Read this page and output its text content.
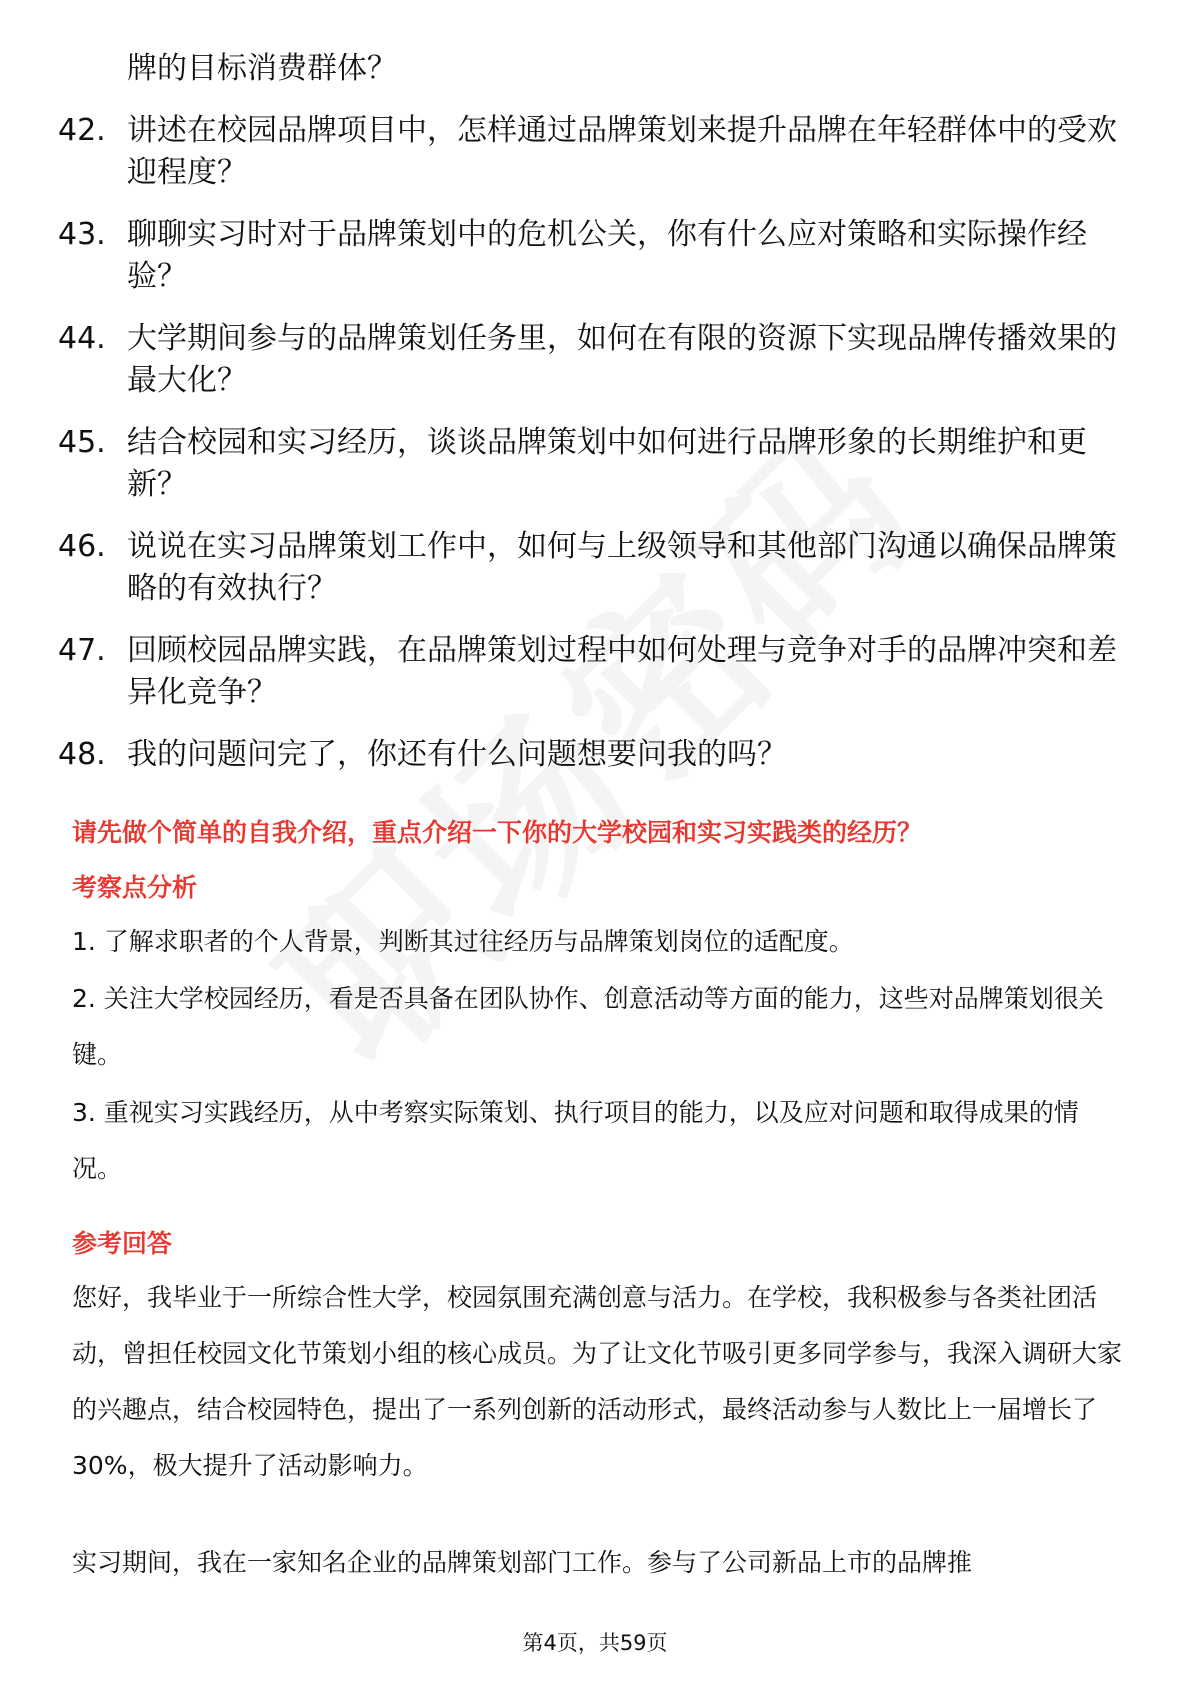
牌的目标消费群体？
42. 讲述在校园品牌项目中，怎样通过品牌策划来提升品牌在年轻群体中的受欢迎程度？
43. 聊聊实习时对于品牌策划中的危机公关，你有什么应对策略和实际操作经验？
44. 大学期间参与的品牌策划任务里，如何在有限的资源下实现品牌传播效果的最大化？
45. 结合校园和实习经历，谈谈品牌策划中如何进行品牌形象的长期维护和更新？
46. 说说在实习品牌策划工作中，如何与上级领导和其他部门沟通以确保品牌策略的有效执行？
47. 回顾校园品牌实践，在品牌策划过程中如何处理与竞争对手的品牌冲突和差异化竞争？
48. 我的问题问完了，你还有什么问题想要问我的吗？
请先做个简单的自我介绍，重点介绍一下你的大学校园和实习实践类的经历？
考察点分析
1. 了解求职者的个人背景，判断其过往经历与品牌策划岗位的适配度。
2. 关注大学校园经历，看是否具备在团队协作、创意活动等方面的能力，这些对品牌策划很关键。
3. 重视实习实践经历，从中考察实际策划、执行项目的能力，以及应对问题和取得成果的情况。
参考回答
您好，我毕业于一所综合性大学，校园氛围充满创意与活力。在学校，我积极参与各类社团活动，曾担任校园文化节策划小组的核心成员。为了让文化节吸引更多同学参与，我深入调研大家的兴趣点，结合校园特色，提出了一系列创新的活动形式，最终活动参与人数比上一届增长了30%，极大提升了活动影响力。
实习期间，我在一家知名企业的品牌策划部门工作。参与了公司新品上市的品牌推
第4页，共59页
